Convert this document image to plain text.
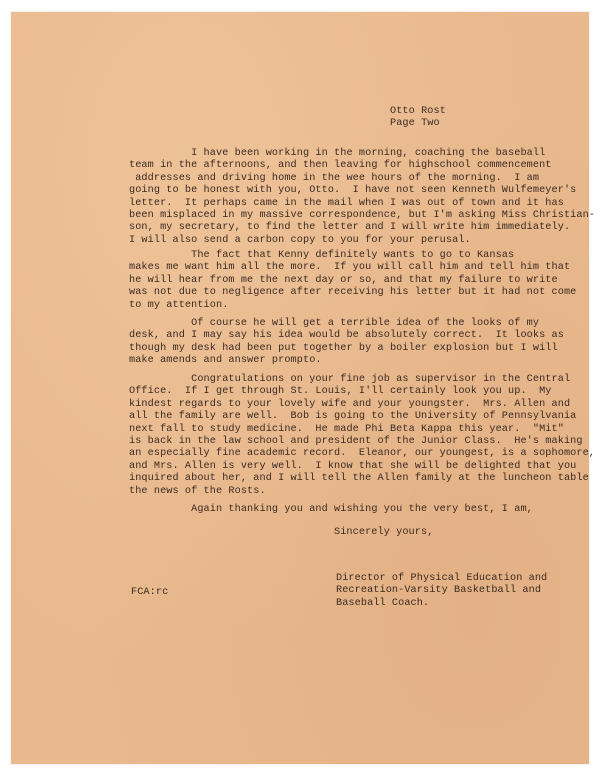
Otto Rost
Page Two
I have been working in the morning, coaching the baseball
team in the afternoons, and then leaving for highschool commencement
addresses and driving home in the wee hours of the morning.  I am
going to be honest with you, Otto.  I have not seen Kenneth Wulfemeyer's
letter.  It perhaps came in the mail when I was out of town and it has
been misplaced in my massive correspondence, but I'm asking Miss Christian-
son, my secretary, to find the letter and I will write him immediately.
I will also send a carbon copy to you for your perusal.
The fact that Kenny definitely wants to go to Kansas
makes me want him all the more.  If you will call him and tell him that
he will hear from me the next day or so, and that my failure to write
was not due to negligence after receiving his letter but it had not come
to my attention.
Of course he will get a terrible idea of the looks of my
desk, and I may say his idea would be absolutely correct.  It looks as
though my desk had been put together by a boiler explosion but I will
make amends and answer prompto.
Congratulations on your fine job as supervisor in the Central
Office.  If I get through St. Louis, I'll certainly look you up.  My
kindest regards to your lovely wife and your youngster.  Mrs. Allen and
all the family are well.  Bob is going to the University of Pennsylvania
next fall to study medicine.  He made Phi Beta Kappa this year.  "Mit"
is back in the law school and president of the Junior Class.  He's making
an especially fine academic record.  Eleanor, our youngest, is a sophomore,
and Mrs. Allen is very well.  I know that she will be delighted that you
inquired about her, and I will tell the Allen family at the luncheon table
the news of the Rosts.
Again thanking you and wishing you the very best, I am,
Sincerely yours,
Director of Physical Education and
Recreation-Varsity Basketball and
Baseball Coach.
FCA:rc
